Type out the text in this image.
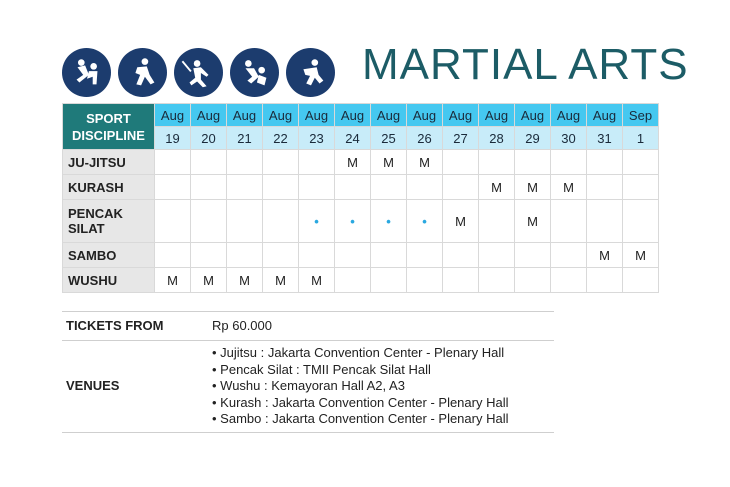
MARTIAL ARTS
SPORT
DISCIPLINE	Aug	Aug	Aug	Aug	Aug	Aug	Aug	Aug	Aug	Aug	Aug	Aug	Aug	Sep
	19	20	21	22	23	24	25	26	27	28	29	30	31	1
JU-JITSU						M	M	M						
KURASH										M	M	M		
PENCAK SILAT					•	•	•	•	M		M			
SAMBO													M	M
WUSHU	M	M	M	M	M									
TICKETS FROM	Rp 60.000
VENUES
• Jujitsu : Jakarta Convention Center - Plenary Hall
• Pencak Silat : TMII Pencak Silat Hall
• Wushu : Kemayoran Hall A2, A3
• Kurash : Jakarta Convention Center - Plenary Hall
• Sambo : Jakarta Convention Center - Plenary Hall
